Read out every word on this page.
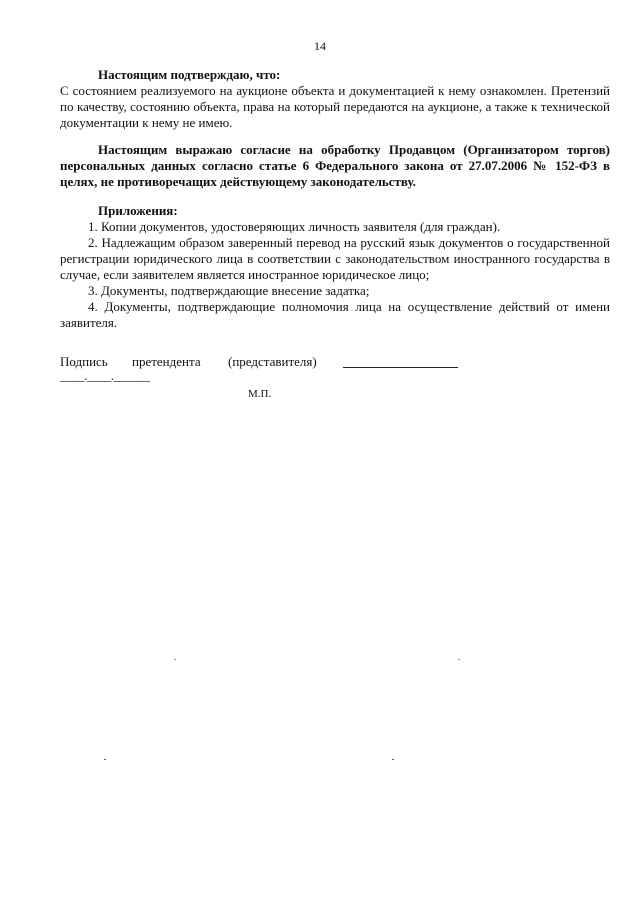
14
Настоящим подтверждаю, что:
С состоянием реализуемого на аукционе объекта и документацией к нему ознакомлен. Претензий по качеству, состоянию объекта, права на который передаются на аукционе, а также к технической документации к нему не имею.
Настоящим выражаю согласие на обработку Продавцом (Организатором торгов) персональных данных согласно статье 6 Федерального закона от 27.07.2006 № 152-ФЗ в целях, не противоречащих действующему законодательству.
Приложения:
1. Копии документов, удостоверяющих личность заявителя (для граждан).
2. Надлежащим образом заверенный перевод на русский язык документов о государственной регистрации юридического лица в соответствии с законодательством иностранного государства в случае, если заявителем является иностранное юридическое лицо;
3. Документы, подтверждающие внесение задатка;
4. Документы, подтверждающие полномочия лица на осуществление действий от имени заявителя.
Подпись претендента (представителя)
____.____.______
М.П.
